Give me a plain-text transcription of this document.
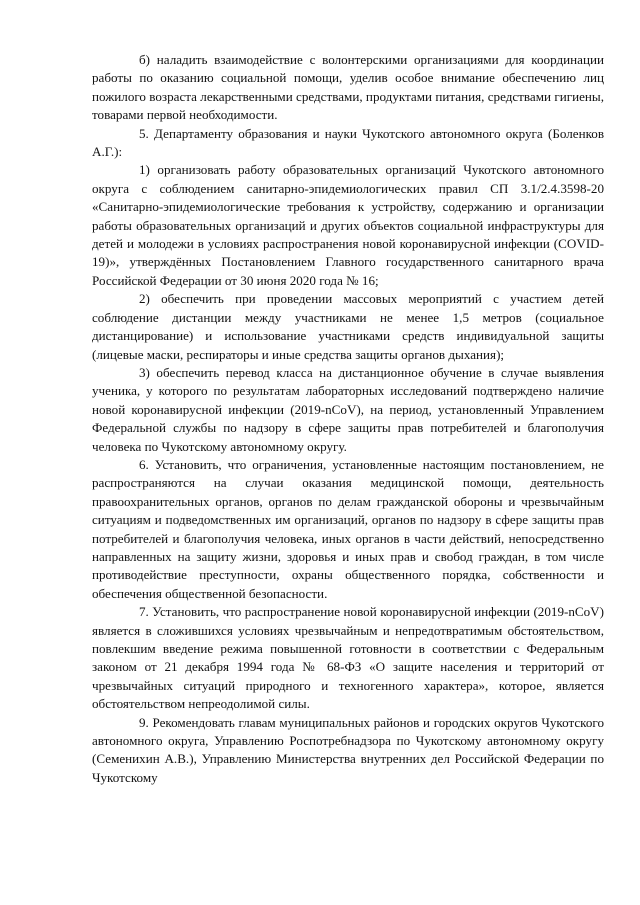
б) наладить взаимодействие с волонтерскими организациями для координации работы по оказанию социальной помощи, уделив особое внимание обеспечению лиц пожилого возраста лекарственными средствами, продуктами питания, средствами гигиены, товарами первой необходимости.

5. Департаменту образования и науки Чукотского автономного округа (Боленков А.Г.):

1) организовать работу образовательных организаций Чукотского автономного округа с соблюдением санитарно-эпидемиологических правил СП 3.1/2.4.3598-20 «Санитарно-эпидемиологические требования к устройству, содержанию и организации работы образовательных организаций и других объектов социальной инфраструктуры для детей и молодежи в условиях распространения новой коронавирусной инфекции (COVID-19)», утверждённых Постановлением Главного государственного санитарного врача Российской Федерации от 30 июня 2020 года № 16;

2) обеспечить при проведении массовых мероприятий с участием детей соблюдение дистанции между участниками не менее 1,5 метров (социальное дистанцирование) и использование участниками средств индивидуальной защиты (лицевые маски, респираторы и иные средства защиты органов дыхания);

3) обеспечить перевод класса на дистанционное обучение в случае выявления ученика, у которого по результатам лабораторных исследований подтверждено наличие новой коронавирусной инфекции (2019-nCoV), на период, установленный Управлением Федеральной службы по надзору в сфере защиты прав потребителей и благополучия человека по Чукотскому автономному округу.

6. Установить, что ограничения, установленные настоящим постановлением, не распространяются на случаи оказания медицинской помощи, деятельность правоохранительных органов, органов по делам гражданской обороны и чрезвычайным ситуациям и подведомственных им организаций, органов по надзору в сфере защиты прав потребителей и благополучия человека, иных органов в части действий, непосредственно направленных на защиту жизни, здоровья и иных прав и свобод граждан, в том числе противодействие преступности, охраны общественного порядка, собственности и обеспечения общественной безопасности.

7. Установить, что распространение новой коронавирусной инфекции (2019-nCoV) является в сложившихся условиях чрезвычайным и непредотвратимым обстоятельством, повлекшим введение режима повышенной готовности в соответствии с Федеральным законом от 21 декабря 1994 года № 68-ФЗ «О защите населения и территорий от чрезвычайных ситуаций природного и техногенного характера», которое, является обстоятельством непреодолимой силы.

9. Рекомендовать главам муниципальных районов и городских округов Чукотского автономного округа, Управлению Роспотребнадзора по Чукотскому автономному округу (Семенихин А.В.), Управлению Министерства внутренних дел Российской Федерации по Чукотскому
